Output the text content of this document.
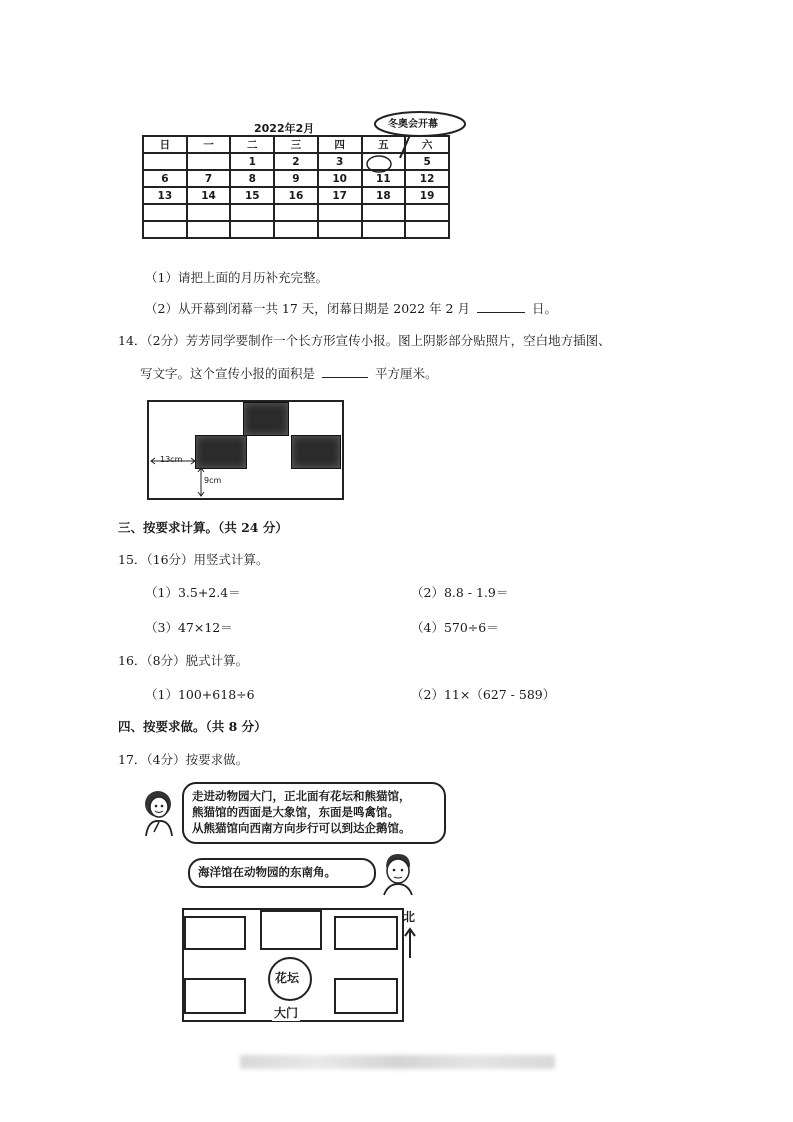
2022年2月	冬奥会开幕
日	一	二	三	四	五	六
		1	2	3		5
6	7	8	9	10	11	12
13	14	15	16	17	18	19

（1）请把上面的月历补充完整。
（2）从开幕到闭幕一共 17 天，闭幕日期是 2022 年 2 月	日。
14．（2分）芳芳同学要制作一个长方形宣传小报。图上阴影部分贴照片，空白地方插图、
写文字。这个宣传小报的面积是	平方厘米。
13cm
9cm
三、按要求计算。（共 24 分）
15．（16分）用竖式计算。
（1）3.5+2.4＝	（2）8.8 - 1.9＝
（3）47×12＝	（4）570÷6＝
16．（8分）脱式计算。
（1）100+618÷6	（2）11×（627 - 589）
四、按要求做。（共 8 分）
17．（4分）按要求做。
走进动物园大门，正北面有花坛和熊猫馆，
熊猫馆的西面是大象馆，东面是鸣禽馆。
从熊猫馆向西南方向步行可以到达企鹅馆。
海洋馆在动物园的东南角。
花坛
大门
北
